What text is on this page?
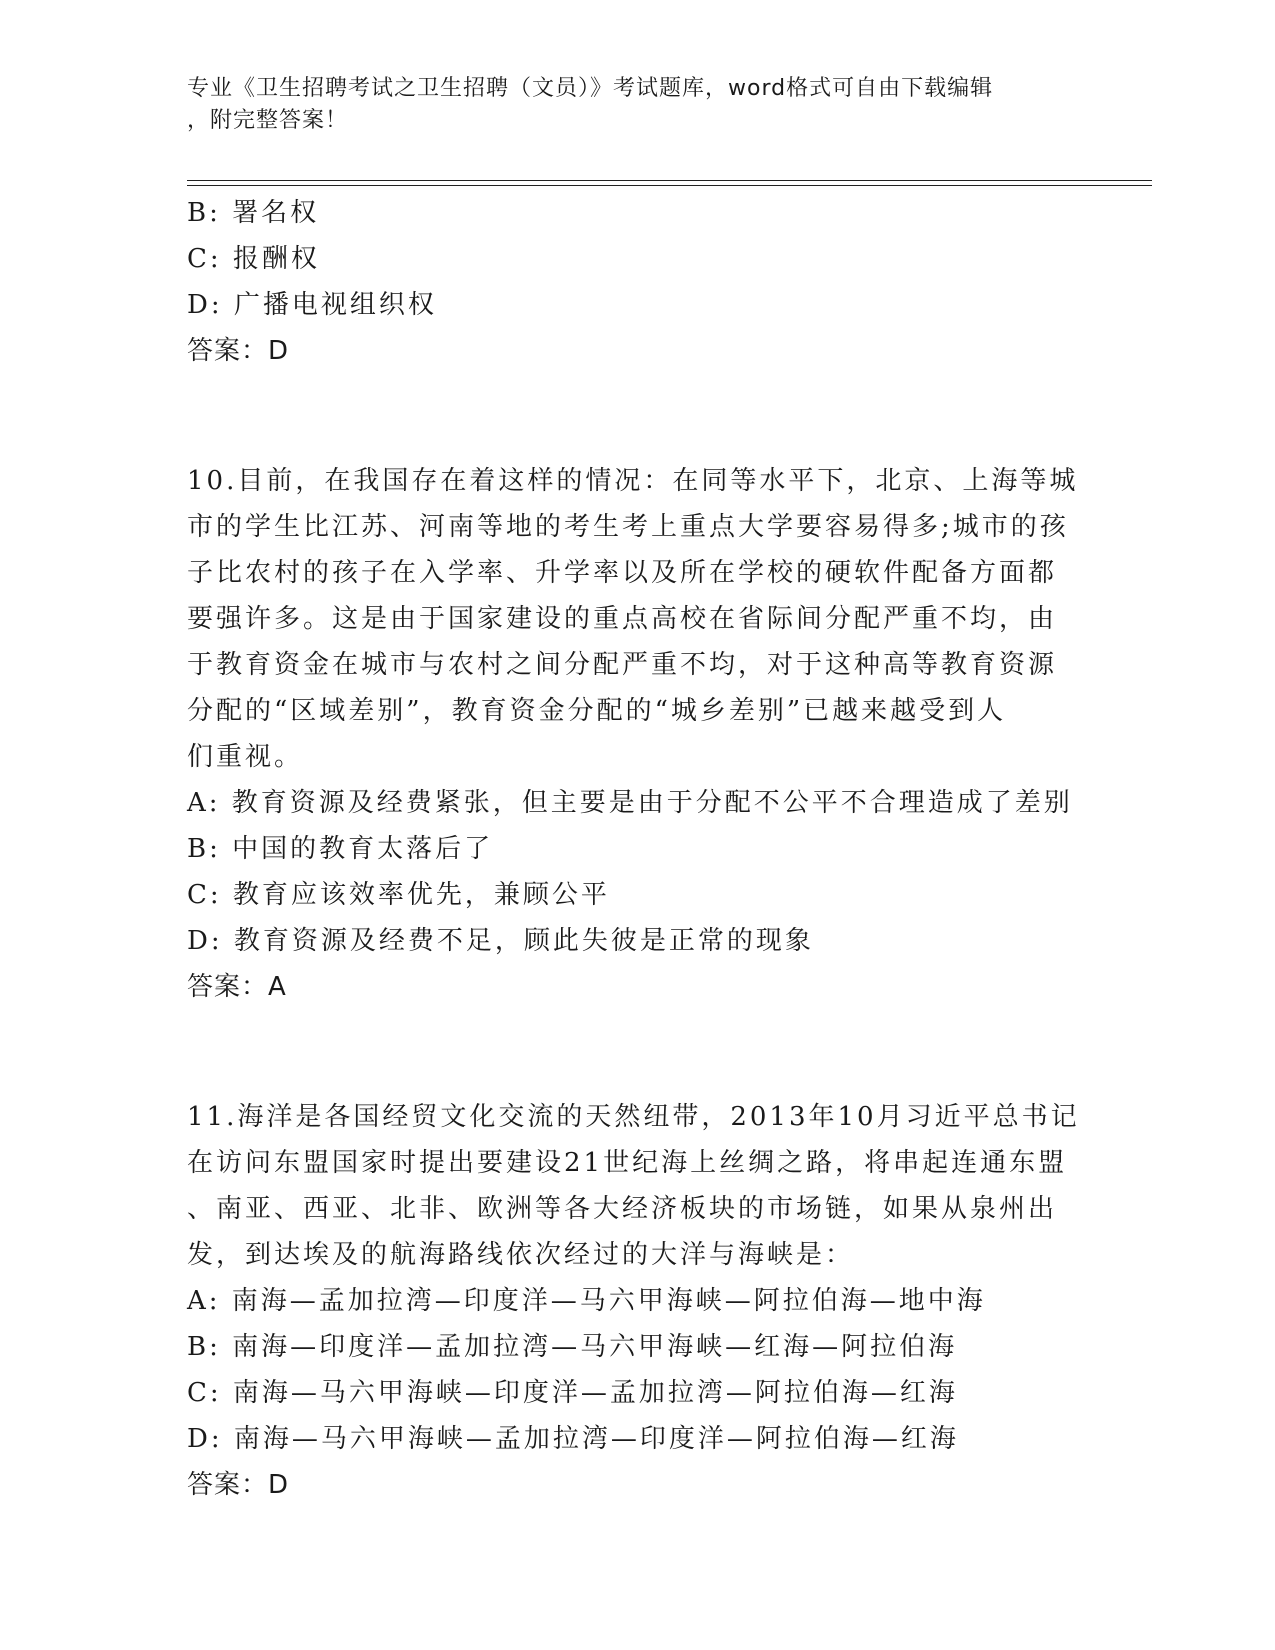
专业《卫生招聘考试之卫生招聘（文员）》考试题库，word格式可自由下载编辑
，附完整答案！
B: 署名权
C: 报酬权
D: 广播电视组织权
答案：D
10.目前，在我国存在着这样的情况：在同等水平下，北京、上海等城
市的学生比江苏、河南等地的考生考上重点大学要容易得多;城市的孩
子比农村的孩子在入学率、升学率以及所在学校的硬软件配备方面都
要强许多。这是由于国家建设的重点高校在省际间分配严重不均，由
于教育资金在城市与农村之间分配严重不均，对于这种高等教育资源
分配的“区域差别”，教育资金分配的“城乡差别”已越来越受到人
们重视。
A: 教育资源及经费紧张，但主要是由于分配不公平不合理造成了差别
B: 中国的教育太落后了
C: 教育应该效率优先，兼顾公平
D: 教育资源及经费不足，顾此失彼是正常的现象
答案：A
11.海洋是各国经贸文化交流的天然纽带，2013年10月习近平总书记
在访问东盟国家时提出要建设21世纪海上丝绸之路，将串起连通东盟
、南亚、西亚、北非、欧洲等各大经济板块的市场链，如果从泉州出
发，到达埃及的航海路线依次经过的大洋与海峡是：
A: 南海—孟加拉湾—印度洋—马六甲海峡—阿拉伯海—地中海
B: 南海—印度洋—孟加拉湾—马六甲海峡—红海—阿拉伯海
C: 南海—马六甲海峡—印度洋—孟加拉湾—阿拉伯海—红海
D: 南海—马六甲海峡—孟加拉湾—印度洋—阿拉伯海—红海
答案：D
